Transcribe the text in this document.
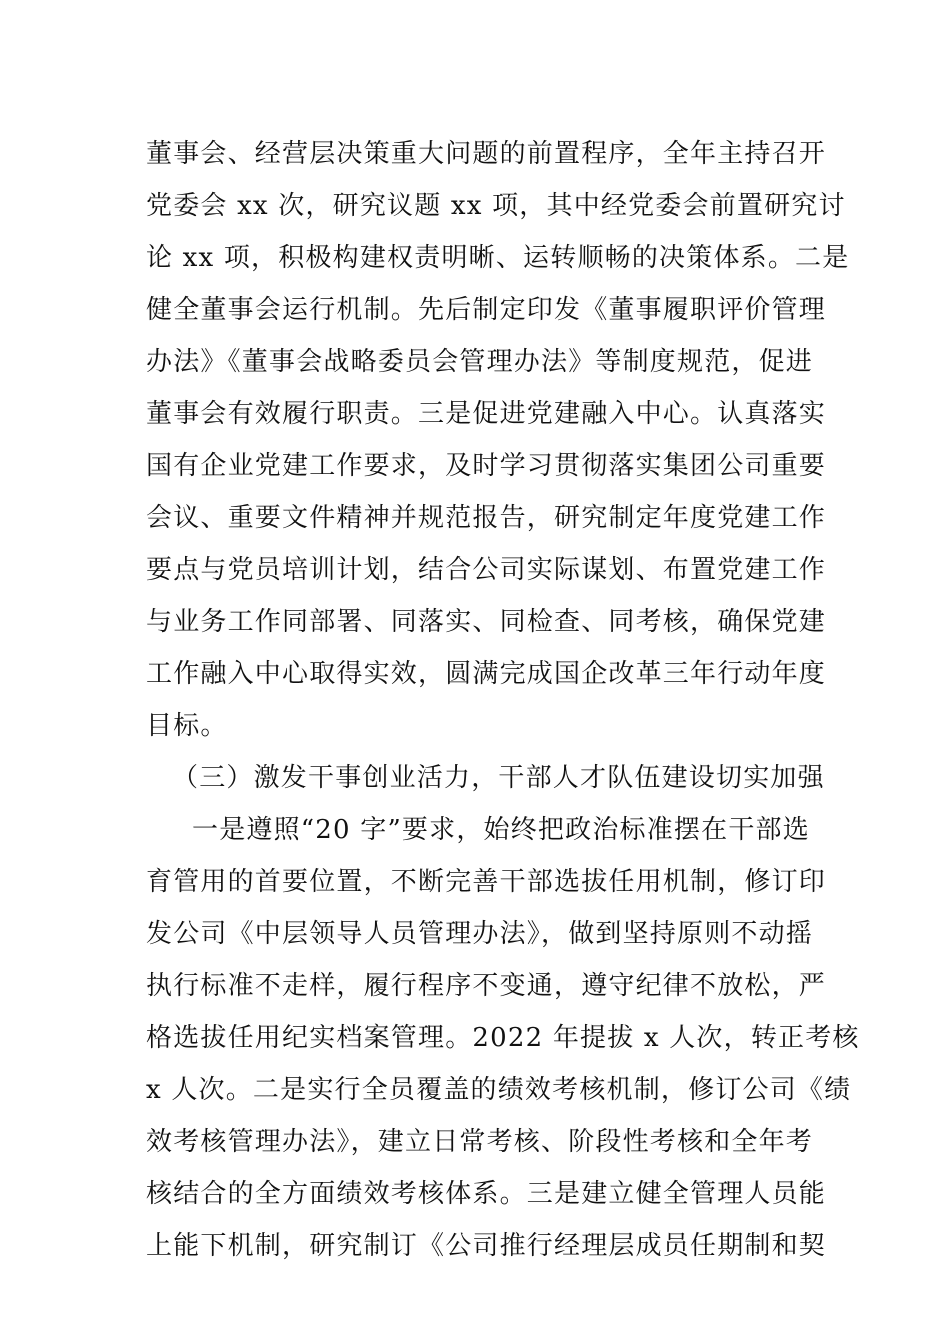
董事会、经营层决策重大问题的前置程序，全年主持召开
党委会 xx 次，研究议题 xx 项，其中经党委会前置研究讨
论 xx 项，积极构建权责明晰、运转顺畅的决策体系。二是
健全董事会运行机制。先后制定印发《董事履职评价管理
办法》《董事会战略委员会管理办法》等制度规范，促进
董事会有效履行职责。三是促进党建融入中心。认真落实
国有企业党建工作要求，及时学习贯彻落实集团公司重要
会议、重要文件精神并规范报告，研究制定年度党建工作
要点与党员培训计划，结合公司实际谋划、布置党建工作
与业务工作同部署、同落实、同检查、同考核，确保党建
工作融入中心取得实效，圆满完成国企改革三年行动年度
目标。
（三）激发干事创业活力，干部人才队伍建设切实加强
一是遵照“20 字”要求，始终把政治标准摆在干部选
育管用的首要位置，不断完善干部选拔任用机制，修订印
发公司《中层领导人员管理办法》，做到坚持原则不动摇
执行标准不走样，履行程序不变通，遵守纪律不放松，严
格选拔任用纪实档案管理。2022 年提拔 x 人次，转正考核
x 人次。二是实行全员覆盖的绩效考核机制，修订公司《绩
效考核管理办法》，建立日常考核、阶段性考核和全年考
核结合的全方面绩效考核体系。三是建立健全管理人员能
上能下机制，研究制订《公司推行经理层成员任期制和契
